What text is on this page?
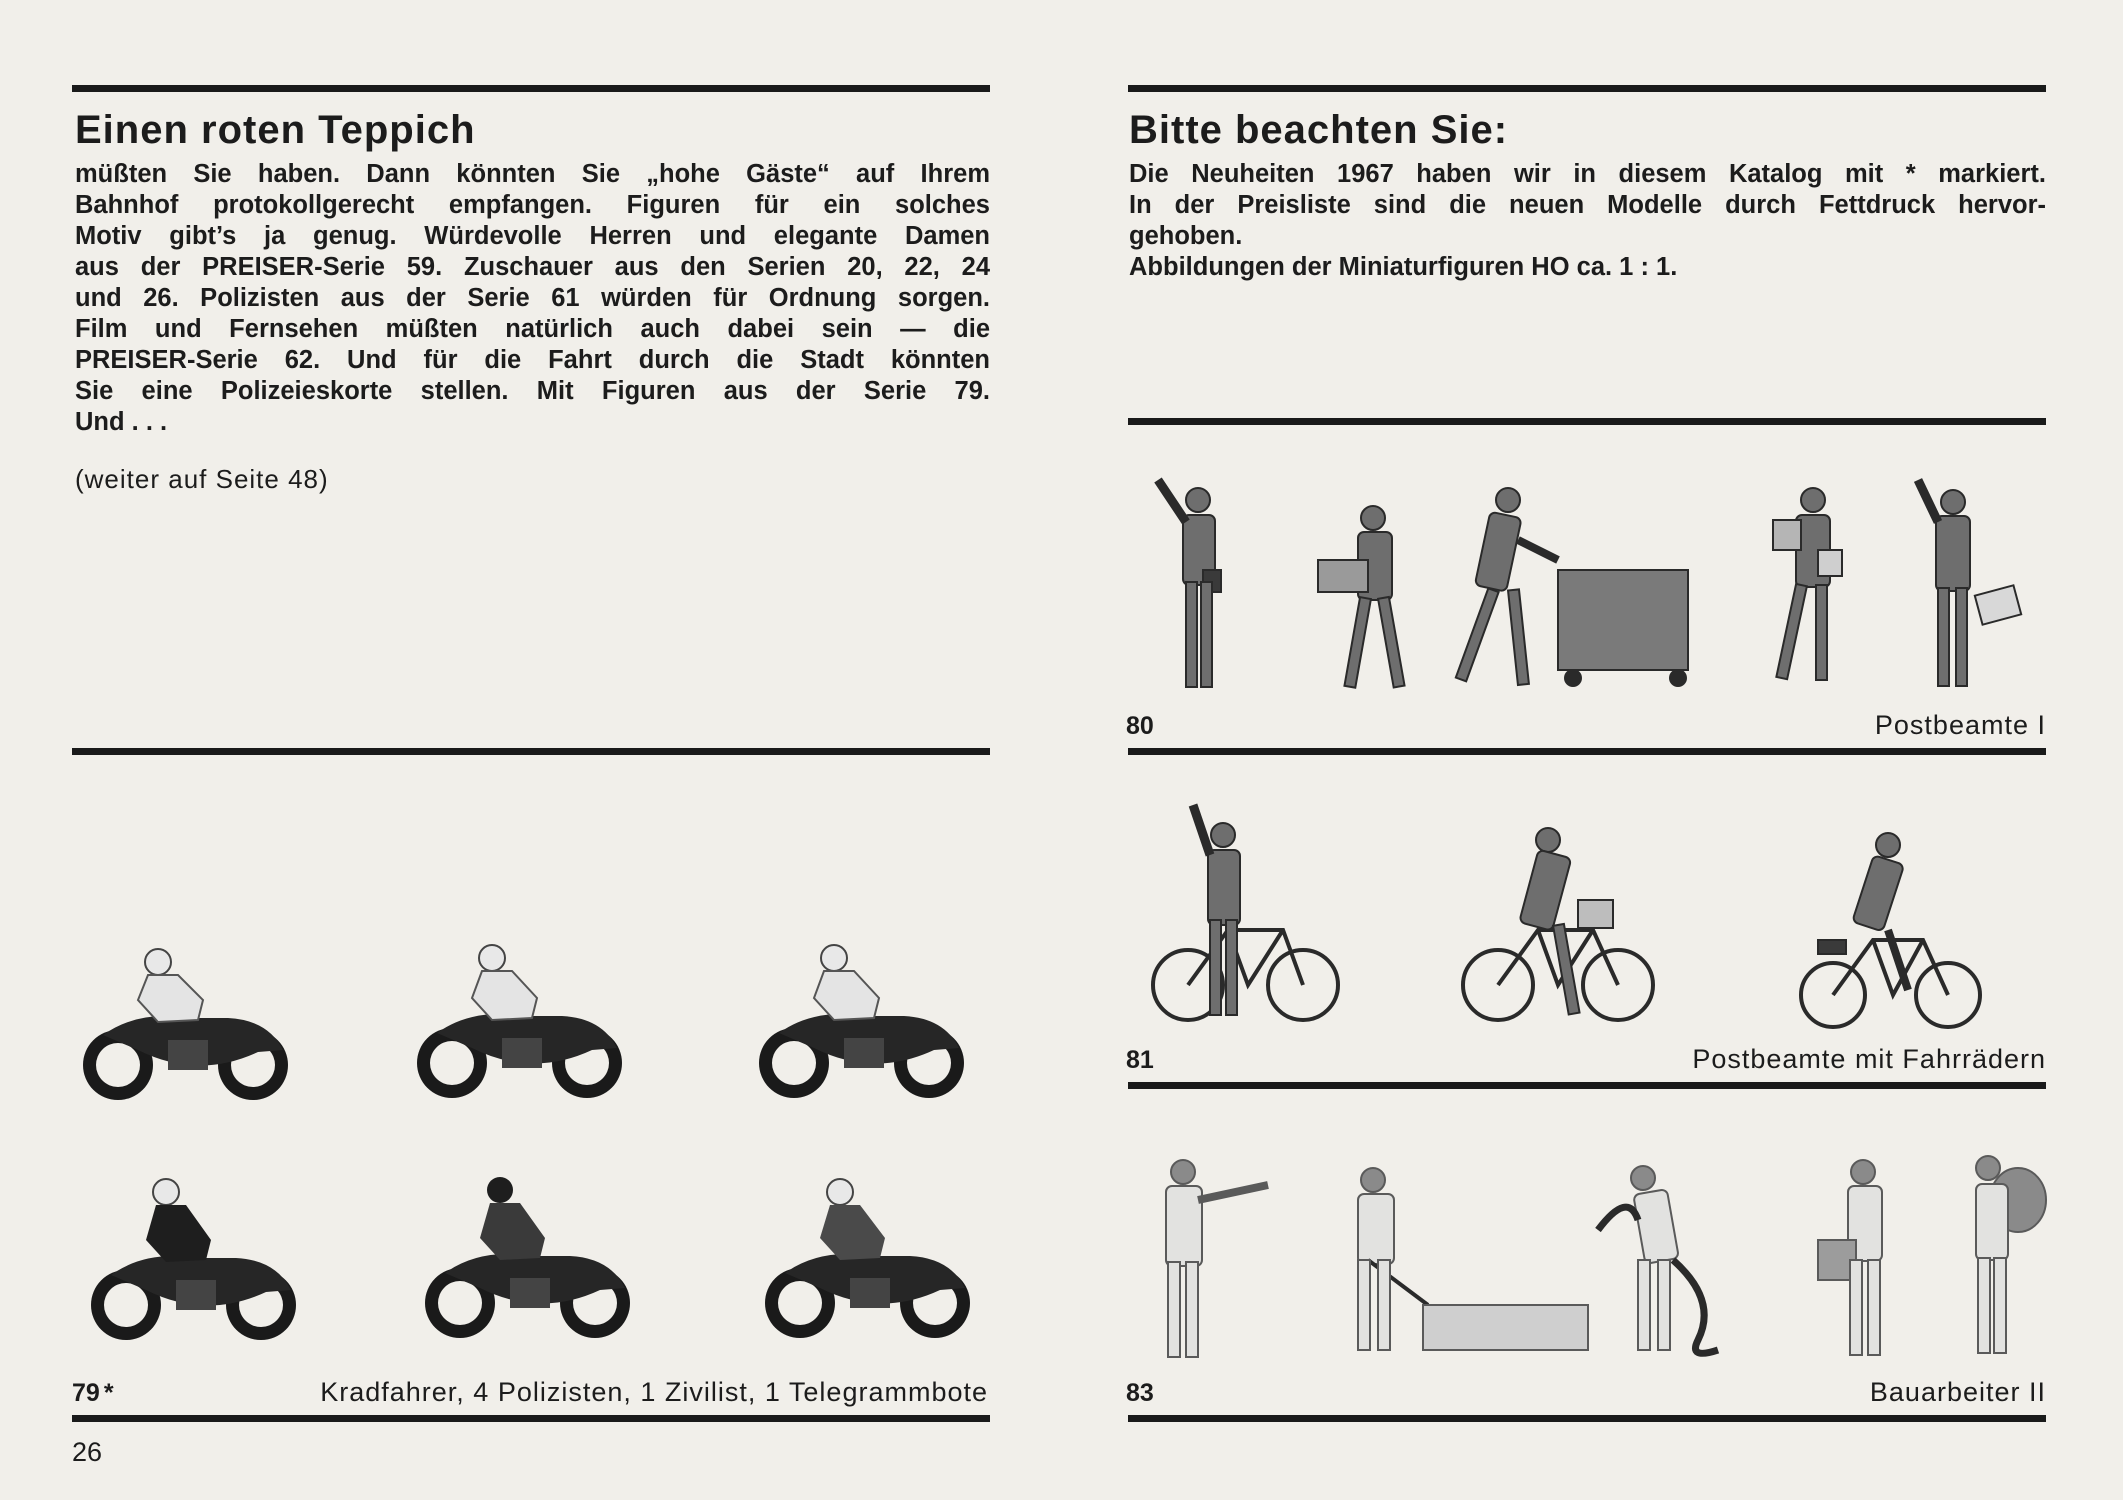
Einen roten Teppich

müßten Sie haben. Dann könnten Sie „hohe Gäste“ auf Ihrem
Bahnhof protokollgerecht empfangen. Figuren für ein solches
Motiv gibt’s ja genug. Würdevolle Herren und elegante Damen
aus der PREISER-Serie 59. Zuschauer aus den Serien 20, 22, 24
und 26. Polizisten aus der Serie 61 würden für Ordnung sorgen.
Film und Fernsehen müßten natürlich auch dabei sein — die
PREISER-Serie 62. Und für die Fahrt durch die Stadt könnten
Sie eine Polizeieskorte stellen. Mit Figuren aus der Serie 79.

Und . . .

(weiter auf Seite 48)

Bitte beachten Sie:

Die Neuheiten 1967 haben wir in diesem Katalog mit * markiert.
In der Preisliste sind die neuen Modelle durch Fettdruck hervor-

gehoben.
Abbildungen der Miniaturfiguren HO ca. 1 : 1.

80	Postbeamte I
81	Postbeamte mit Fahrrädern
83	Bauarbeiter II
79 *	Kradfahrer, 4 Polizisten, 1 Zivilist, 1 Telegrammbote
26
